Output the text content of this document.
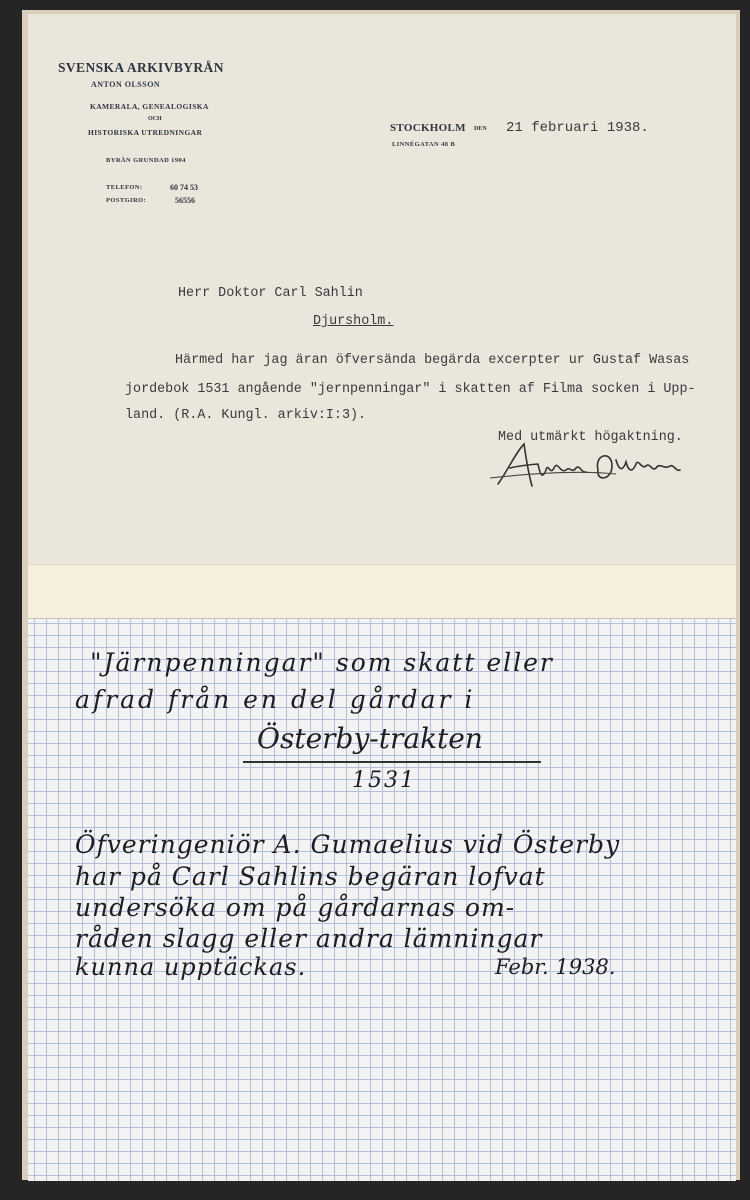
SVENSKA ARKIVBYRÅN
ANTON OLSSON
KAMERALA, GENEALOGISKA
OCH
HISTORISKA UTREDNINGAR
BYRÅN GRUNDAD 1904
TELEFON:	60 74 53
POSTGIRO:	56556
STOCKHOLM DEN
LINNÉGATAN 48 B
21 februari 1938.
Herr Doktor Carl Sahlin
Djursholm.
Härmed har jag äran öfversända begärda excerpter ur Gustaf Wasas
jordebok 1531 angående "jernpenningar" i skatten af Filma socken i Upp-
land. (R.A. Kungl. arkiv:I:3).
Med utmärkt högaktning.
"Järnpenningar" som skatt eller
afrad från en del gårdar i
Österby-trakten
1531
Öfveringeniör A. Gumaelius vid Österby
har på Carl Sahlins begäran lofvat
undersöka om på gårdarnas om-
råden slagg eller andra lämningar
kunna upptäckas.	Febr. 1938.
